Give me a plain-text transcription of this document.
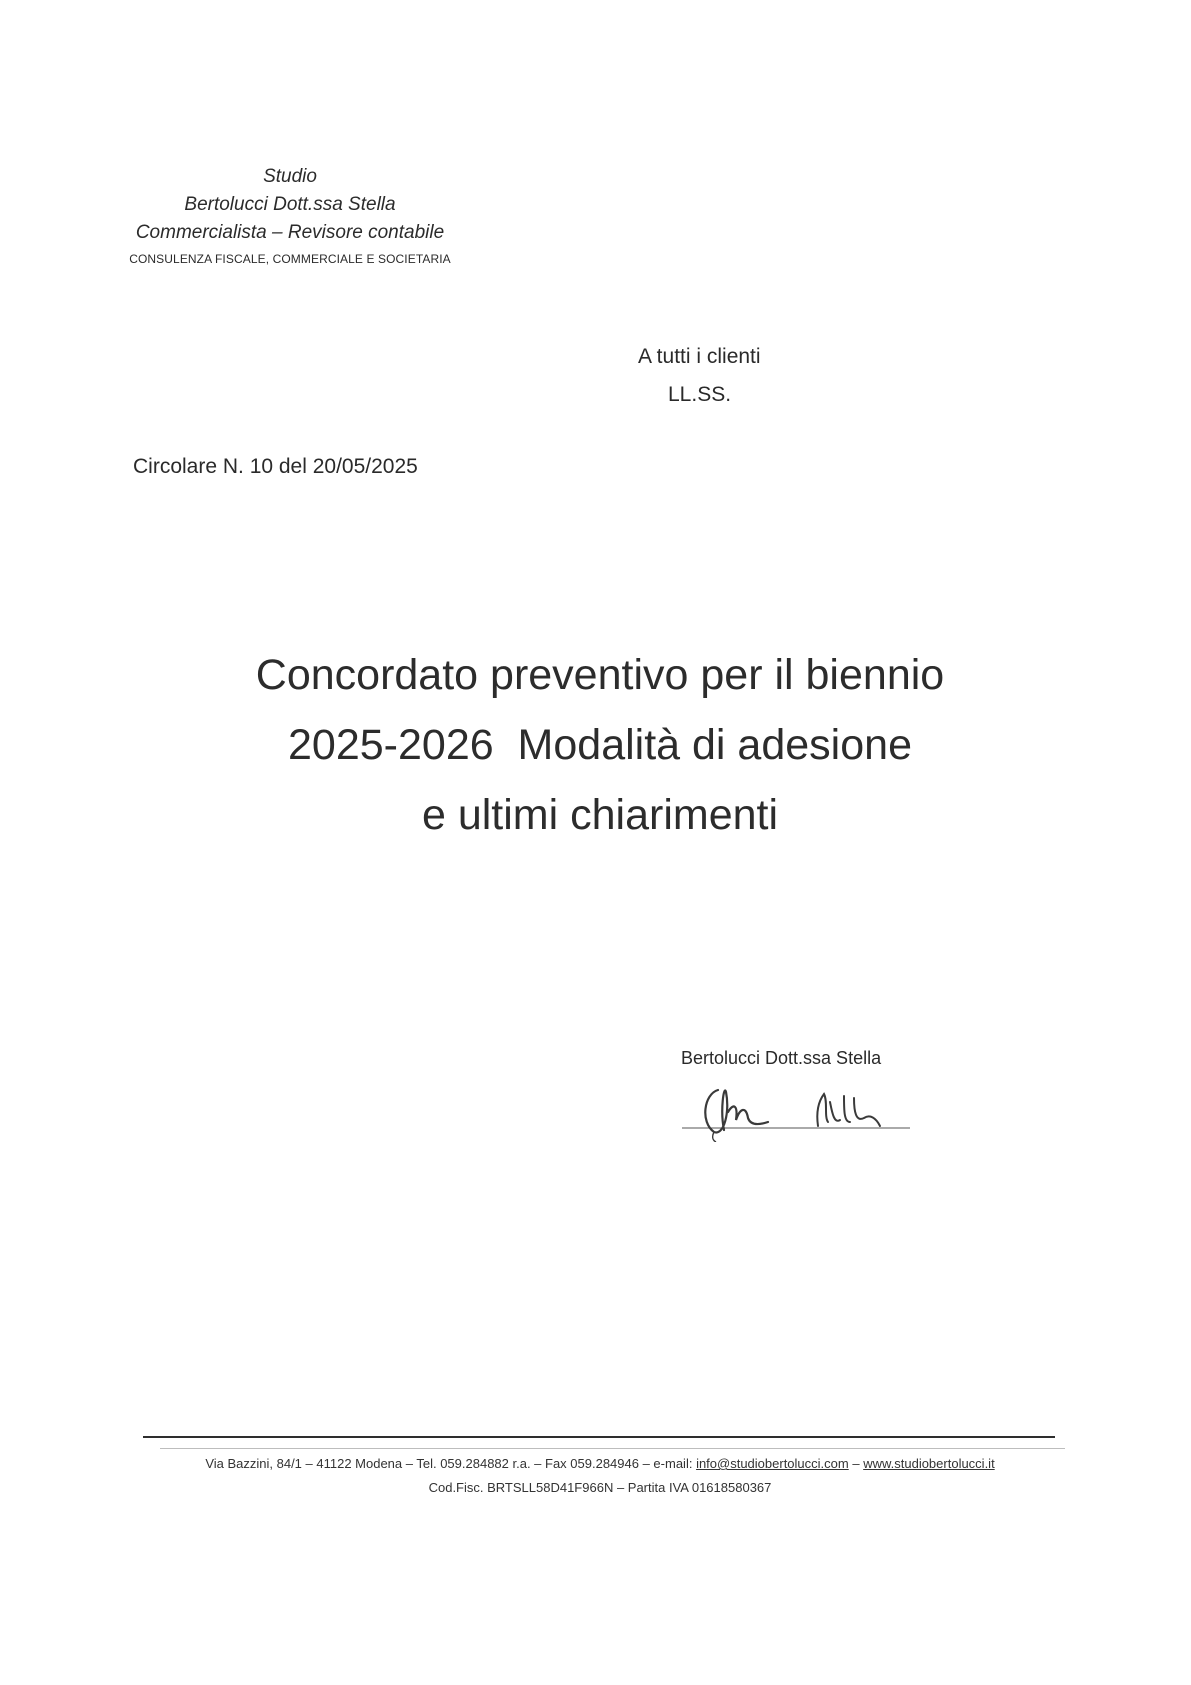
Studio
Bertolucci Dott.ssa Stella
Commercialista – Revisore contabile
CONSULENZA FISCALE, COMMERCIALE E SOCIETARIA
A tutti i clienti
LL.SS.
Circolare N. 10 del 20/05/2025
Concordato preventivo per il biennio
2025-2026  Modalità di adesione
e ultimi chiarimenti
Bertolucci Dott.ssa Stella
Via Bazzini, 84/1 – 41122 Modena – Tel. 059.284882 r.a. – Fax 059.284946 – e-mail: info@studiobertolucci.com – www.studiobertolucci.it
Cod.Fisc. BRTSLL58D41F966N – Partita IVA 01618580367
